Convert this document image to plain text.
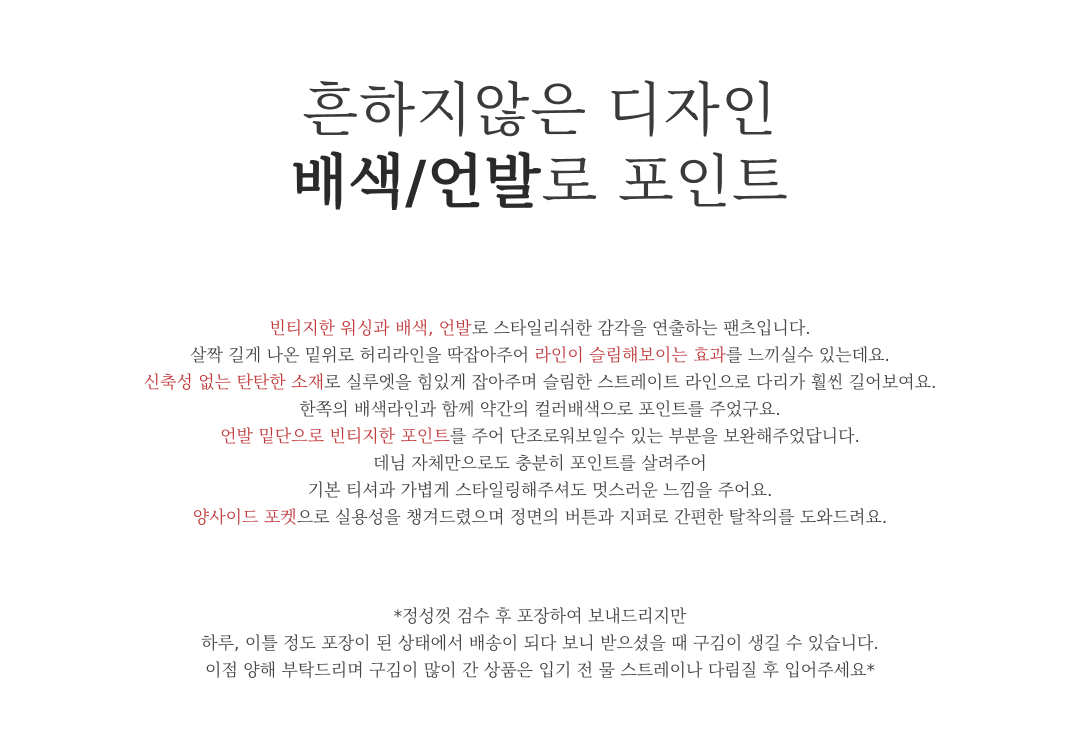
흔하지않은 디자인
배색/언발로 포인트
빈티지한 워싱과 배색, 언발로 스타일리쉬한 감각을 연출하는 팬츠입니다.
살짝 길게 나온 밑위로 허리라인을 딱잡아주어 라인이 슬림해보이는 효과를 느끼실수 있는데요.
신축성 없는 탄탄한 소재로 실루엣을 힘있게 잡아주며 슬림한 스트레이트 라인으로 다리가 훨씬 길어보여요.
한쪽의 배색라인과 함께 약간의 컬러배색으로 포인트를 주었구요.
언발 밑단으로 빈티지한 포인트를 주어 단조로워보일수 있는 부분을 보완해주었답니다.
데님 자체만으로도 충분히 포인트를 살려주어
기본 티셔과 가볍게 스타일링해주셔도 멋스러운 느낌을 주어요.
양사이드 포켓으로 실용성을 챙겨드렸으며 정면의 버튼과 지퍼로 간편한 탈착의를 도와드려요.
*정성껏 검수 후 포장하여 보내드리지만
하루, 이틀 정도 포장이 된 상태에서 배송이 되다 보니 받으셨을 때 구김이 생길 수 있습니다.
이점 양해 부탁드리며 구김이 많이 간 상품은 입기 전 물 스트레이나 다림질 후 입어주세요*
